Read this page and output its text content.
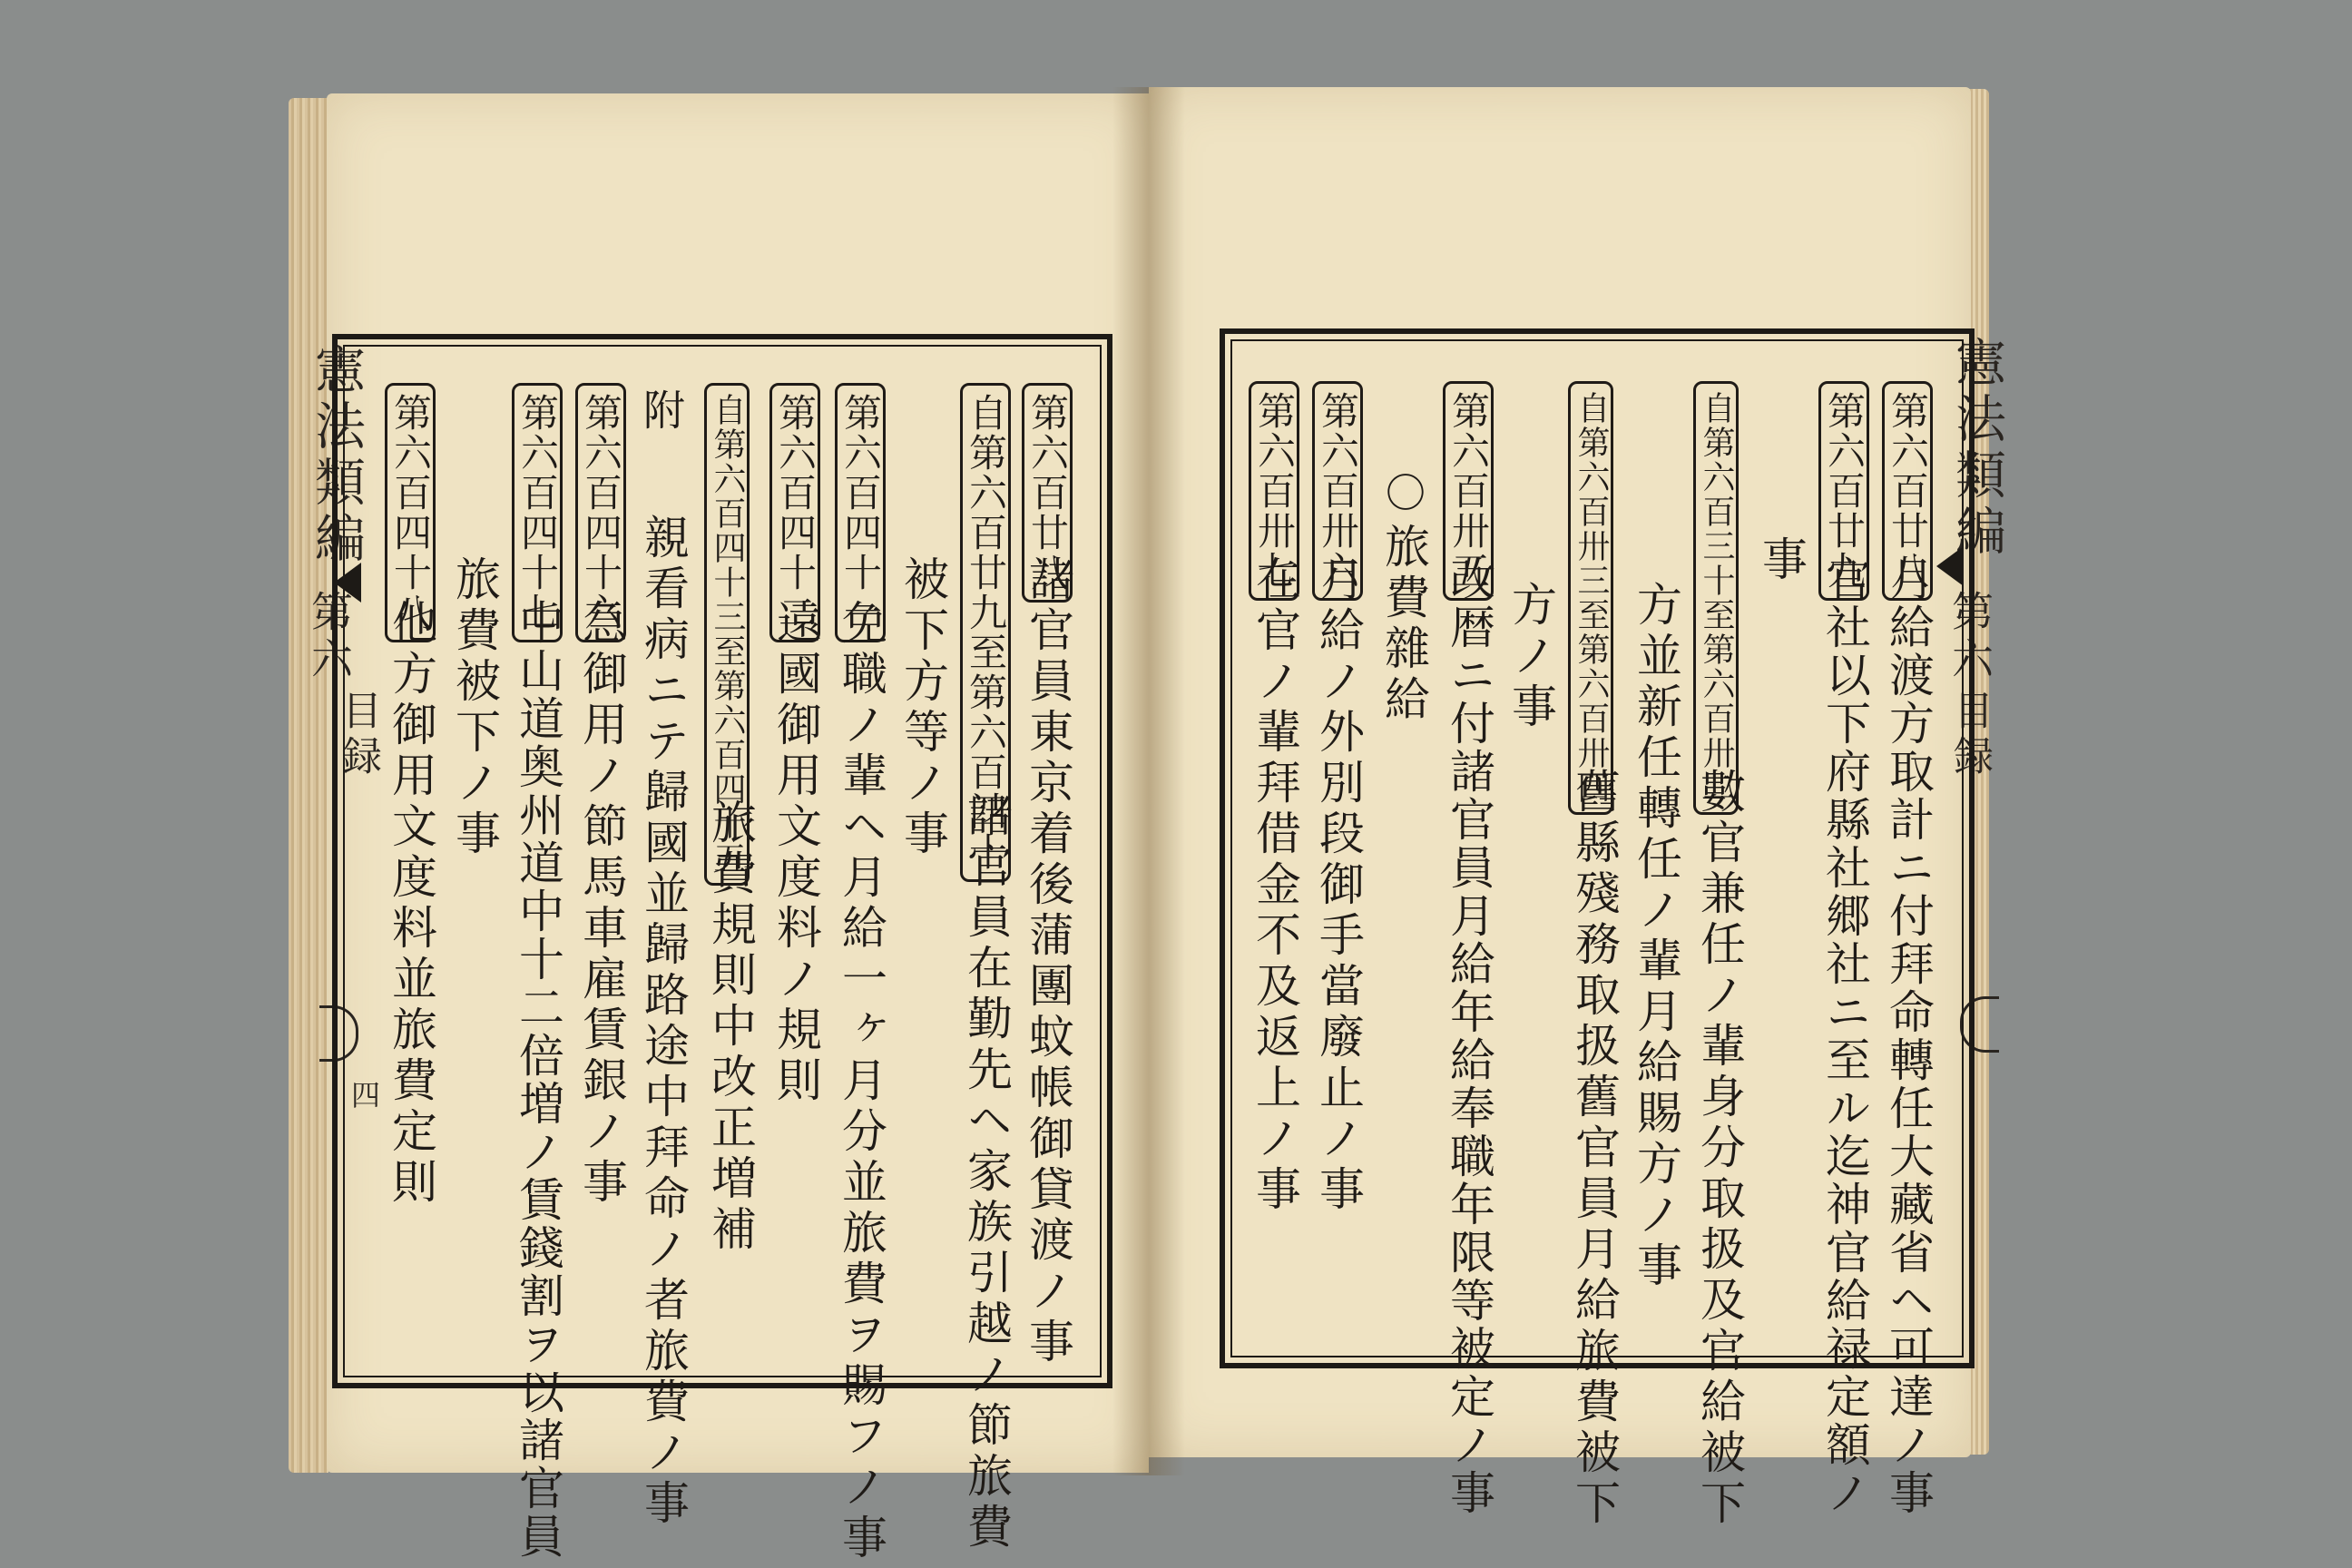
憲法類編
第六
目録
四
憲法類編
第六
目録
第六百廿八
諸官員東京着後蒲團蚊帳御貸渡ノ事
自第六百廿九至第六百四十
諸官員在勤先ヘ家族引越ノ節旅費
被下方等ノ事
第六百四十一
免職ノ輩ヘ月給一ヶ月分並旅費ヲ賜フノ事
第六百四十二
遠國御用文度料ノ規則
自第六百四十三至第六百四十五
旅費規則中改正増補
附
親看病ニテ歸國並歸路途中拜命ノ者旅費ノ事
第六百四十六
急御用ノ節馬車雇賃銀ノ事
第六百四十七
中山道奥州道中十二倍増ノ賃錢割ヲ以諸官員
旅費被下ノ事
第六百四十八
他方御用文度料並旅費定則
第六百廿八
月給渡方取計ニ付拜命轉任大藏省ヘ可達ノ事
第六百廿九
官社以下府縣社郷社ニ至ル迄神官給禄定額ノ
事
自第六百三十至第六百卅二
數官兼任ノ輩身分取扱及官給被下
方並新任轉任ノ輩月給賜方ノ事
自第六百卅三至第六百卅四
舊縣殘務取扱舊官員月給旅費被下
方ノ事
第六百卅五
改暦ニ付諸官員月給年給奉職年限等被定ノ事
〇
旅費雜給
第六百卅六
月給ノ外別段御手當廢止ノ事
第六百卅七
在官ノ輩拜借金不及返上ノ事
